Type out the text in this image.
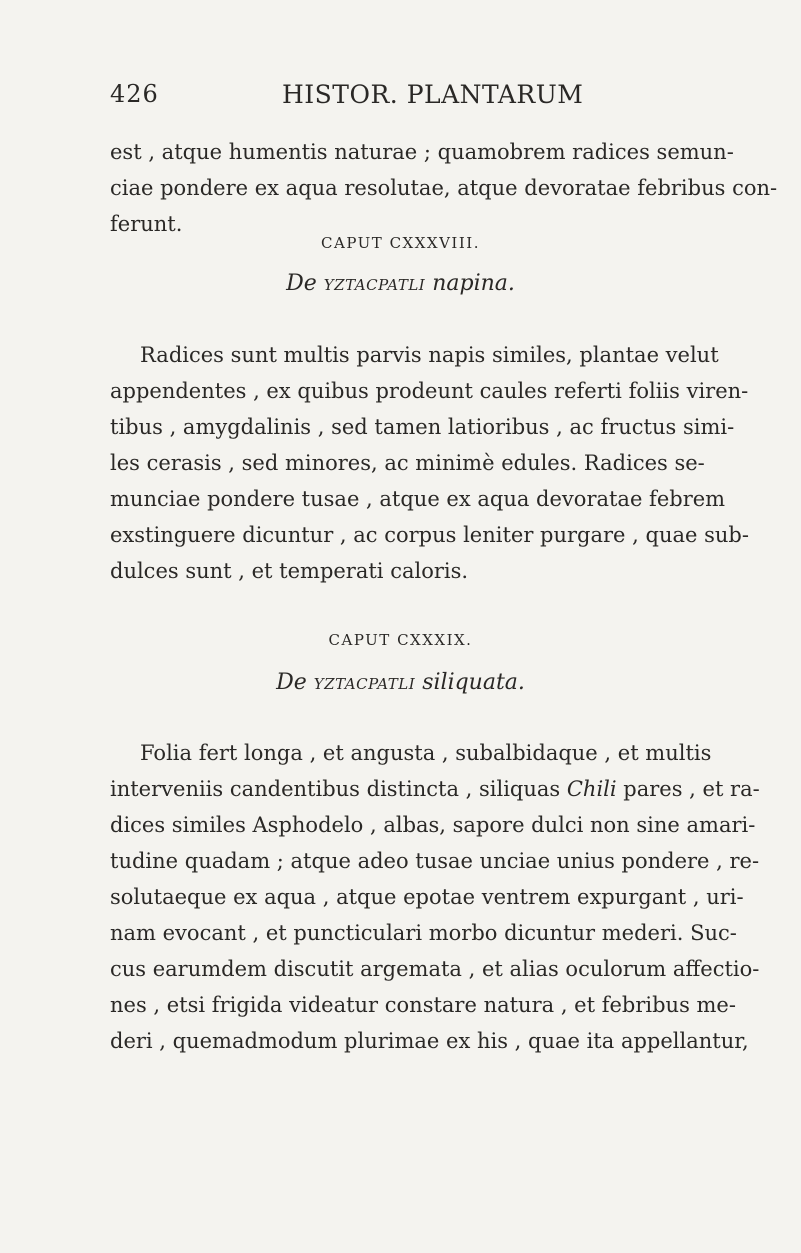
426	HISTOR. PLANTARUM

est , atque humentis naturae ; quamobrem radices semun-
ciae pondere ex aqua resolutae, atque devoratae febribus con-
ferunt.

CAPUT CXXXVIII.
De yztacpatli napina.

Radices sunt multis parvis napis similes, plantae velut
appendentes , ex quibus prodeunt caules referti foliis viren-
tibus , amygdalinis , sed tamen latioribus , ac fructus simi-
les cerasis , sed minores, ac minimè edules. Radices se-
munciae pondere tusae , atque ex aqua devoratae febrem
exstinguere dicuntur , ac corpus leniter purgare , quae sub-
dulces sunt , et temperati caloris.

CAPUT CXXXIX.
De yztacpatli siliquata.

Folia fert longa , et angusta , subalbidaque , et multis
interveniis candentibus distincta , siliquas Chili pares , et ra-
dices similes Asphodelo , albas, sapore dulci non sine amari-
tudine quadam ; atque adeo tusae unciae unius pondere , re-
solutaeque ex aqua , atque epotae ventrem expurgant , uri-
nam evocant , et puncticulari morbo dicuntur mederi. Suc-
cus earumdem discutit argemata , et alias oculorum affectio-
nes , etsi frigida videatur constare natura , et febribus me-
deri , quemadmodum plurimae ex his , quae ita appellantur,
